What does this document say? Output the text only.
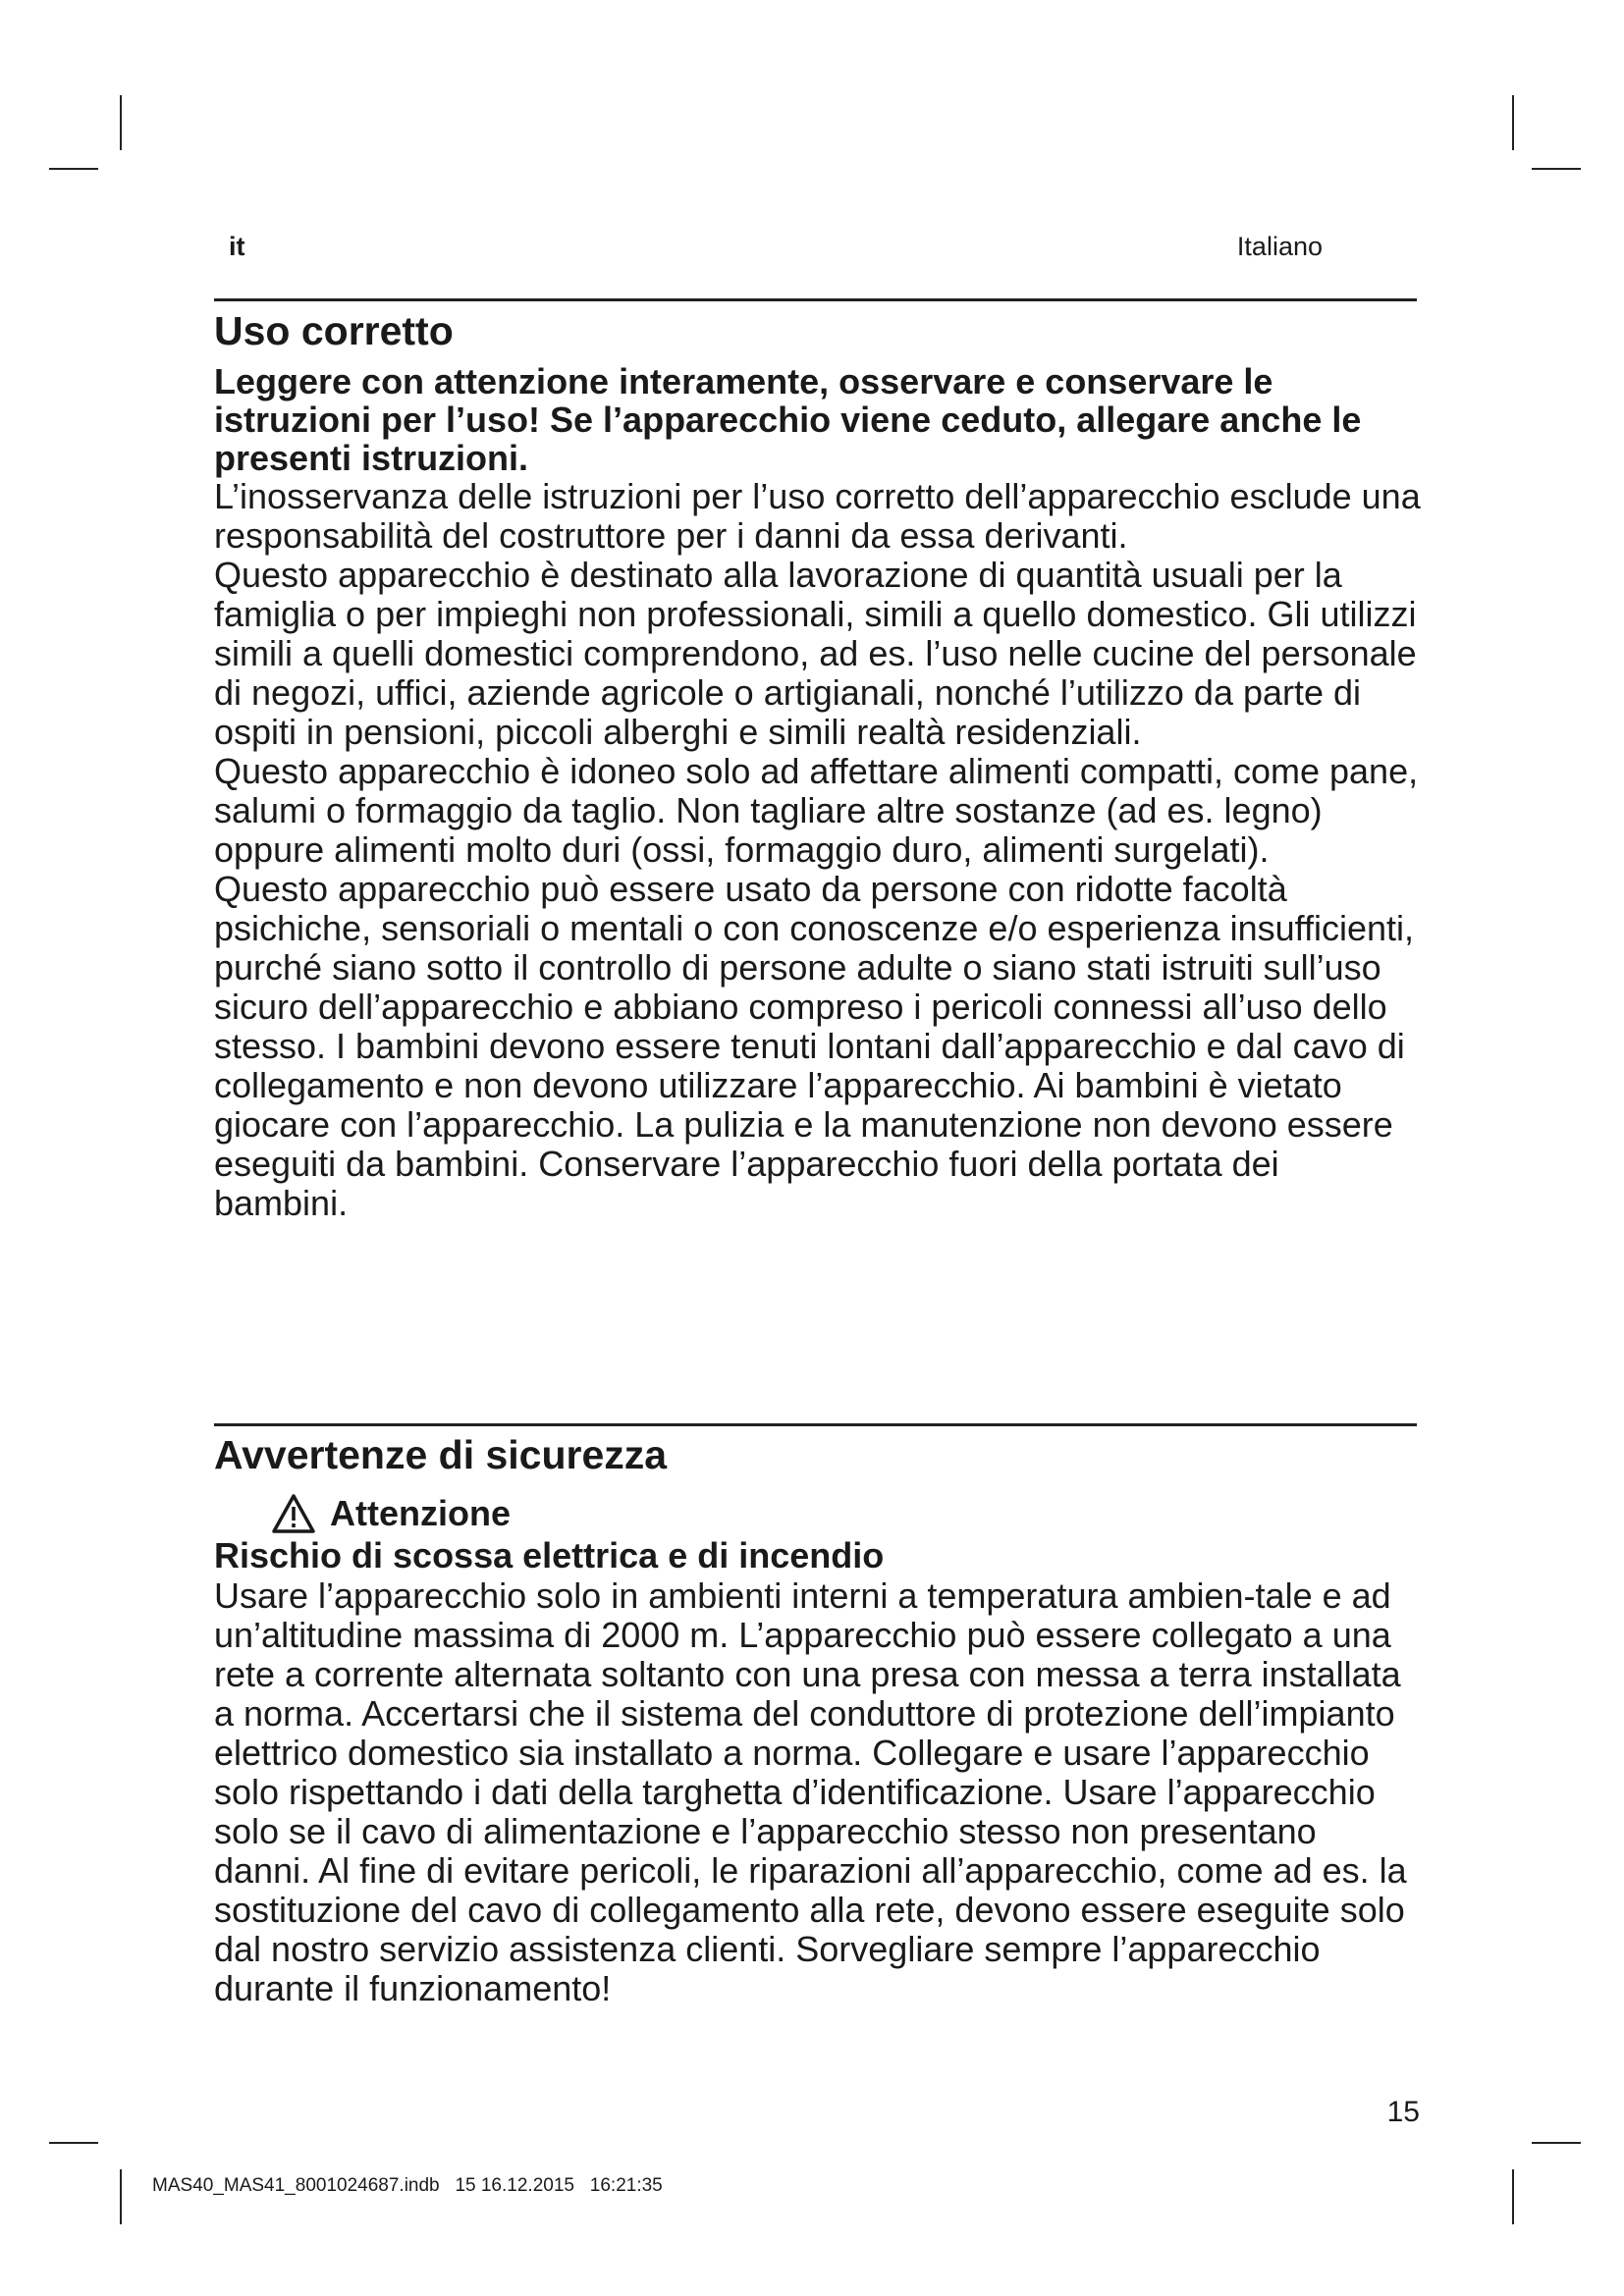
it	Italiano
Uso corretto

Leggere con attenzione interamente, osservare e conservare le istruzioni per l’uso! Se l’apparecchio viene ceduto, allegare anche le presenti istruzioni.

L’inosservanza delle istruzioni per l’uso corretto dell’apparecchio esclude una responsabilità del costruttore per i danni da essa derivanti.

Questo apparecchio è destinato alla lavorazione di quantità usuali per la famiglia o per impieghi non professionali, simili a quello domestico. Gli utilizzi simili a quelli domestici comprendono, ad es. l’uso nelle cucine del personale di negozi, uffici, aziende agricole o artigianali, nonché l’utilizzo da parte di ospiti in pensioni, piccoli alberghi e simili realtà residenziali.

Questo apparecchio è idoneo solo ad affettare alimenti compatti, come pane, salumi o formaggio da taglio. Non tagliare altre sostanze (ad es. legno) oppure alimenti molto duri (ossi, formaggio duro, alimenti surgelati).

Questo apparecchio può essere usato da persone con ridotte facoltà psichiche, sensoriali o mentali o con conoscenze e/o esperienza insufficienti, purché siano sotto il controllo di persone adulte o siano stati istruiti sull’uso sicuro dell’apparecchio e abbiano compreso i pericoli connessi all’uso dello stesso. I bambini devono essere tenuti lontani dall’apparecchio e dal cavo di collegamento e non devono utilizzare l’apparecchio. Ai bambini è vietato giocare con l’apparecchio. La pulizia e la manutenzione non devono essere eseguiti da bambini. Conservare l’apparecchio fuori della portata dei bambini.

Avvertenze di sicurezza
Attenzione

Rischio di scossa elettrica e di incendio

Usare l’apparecchio solo in ambienti interni a temperatura ambien-tale e ad un’altitudine massima di 2000 m. L’apparecchio può essere collegato a una rete a corrente alternata soltanto con una presa con messa a terra installata a norma. Accertarsi che il sistema del conduttore di protezione dell’impianto elettrico domestico sia installato a norma. Collegare e usare l’apparecchio solo rispettando i dati della targhetta d’identificazione. Usare l’apparecchio solo se il cavo di alimentazione e l’apparecchio stesso non presentano danni. Al fine di evitare pericoli, le riparazioni all’apparecchio, come ad es. la sostituzione del cavo di collegamento alla rete, devono essere eseguite solo dal nostro servizio assistenza clienti. Sorvegliare sempre l’apparecchio durante il funzionamento!

15
MAS40_MAS41_8001024687.indb   15 16.12.2015   16:21:35
